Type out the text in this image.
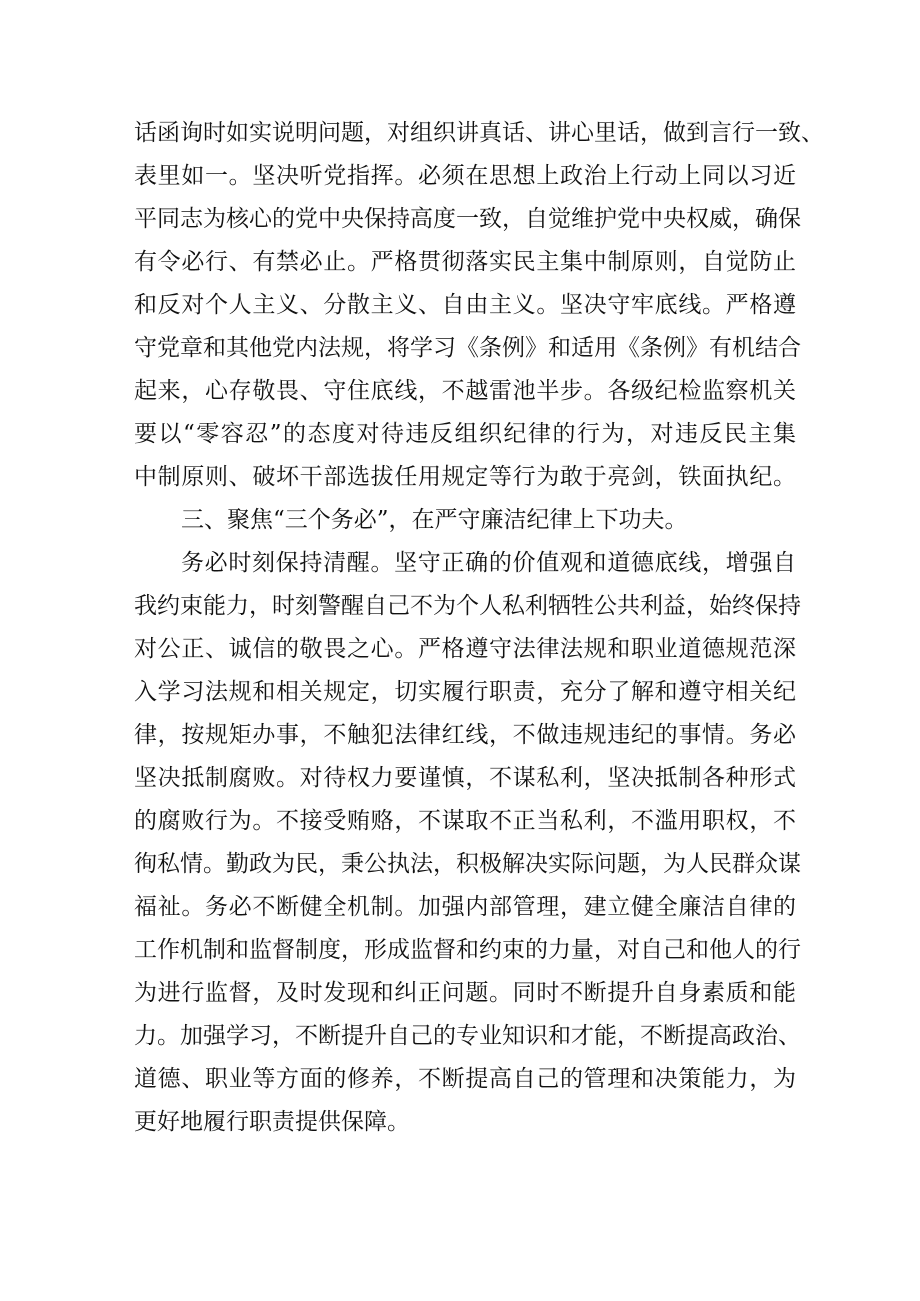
话函询时如实说明问题，对组织讲真话、讲心里话，做到言行一致、
表里如一。坚决听党指挥。必须在思想上政治上行动上同以习近
平同志为核心的党中央保持高度一致，自觉维护党中央权威，确保
有令必行、有禁必止。严格贯彻落实民主集中制原则，自觉防止
和反对个人主义、分散主义、自由主义。坚决守牢底线。严格遵
守党章和其他党内法规，将学习《条例》和适用《条例》有机结合
起来，心存敬畏、守住底线，不越雷池半步。各级纪检监察机关
要以“零容忍”的态度对待违反组织纪律的行为，对违反民主集
中制原则、破坏干部选拔任用规定等行为敢于亮剑，铁面执纪。
三、聚焦“三个务必”，在严守廉洁纪律上下功夫。
务必时刻保持清醒。坚守正确的价值观和道德底线，增强自
我约束能力，时刻警醒自己不为个人私利牺牲公共利益，始终保持
对公正、诚信的敬畏之心。严格遵守法律法规和职业道德规范深
入学习法规和相关规定，切实履行职责，充分了解和遵守相关纪
律，按规矩办事，不触犯法律红线，不做违规违纪的事情。务必
坚决抵制腐败。对待权力要谨慎，不谋私利，坚决抵制各种形式
的腐败行为。不接受贿赂，不谋取不正当私利，不滥用职权，不
徇私情。勤政为民，秉公执法，积极解决实际问题，为人民群众谋
福祉。务必不断健全机制。加强内部管理，建立健全廉洁自律的
工作机制和监督制度，形成监督和约束的力量，对自己和他人的行
为进行监督，及时发现和纠正问题。同时不断提升自身素质和能
力。加强学习，不断提升自己的专业知识和才能，不断提高政治、
道德、职业等方面的修养，不断提高自己的管理和决策能力，为
更好地履行职责提供保障。
